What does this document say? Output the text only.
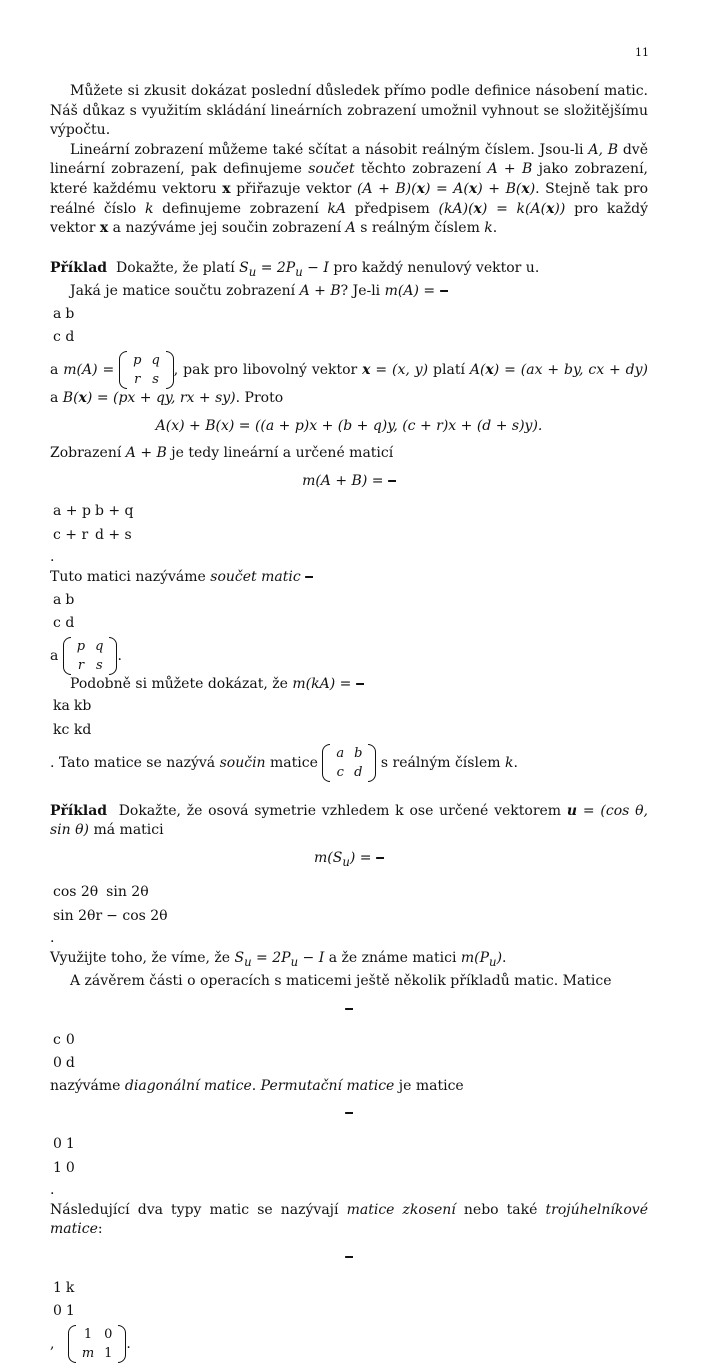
11

Můžete si zkusit dokázat poslední důsledek přímo podle definice násobení matic. Náš důkaz s využitím skládání lineárních zobrazení umožnil vyhnout se složitějšímu výpočtu.

Lineární zobrazení můžeme také sčítat a násobit reálným číslem. Jsou-li A, B dvě lineární zobrazení, pak definujeme součet těchto zobrazení A + B jako zobrazení, které každému vektoru x přiřazuje vektor (A + B)(x) = A(x) + B(x). Stejně tak pro reálné číslo k definujeme zobrazení kA předpisem (kA)(x) = k(A(x)) pro každý vektor x a nazýváme jej součin zobrazení A s reálným číslem k.

Příklad Dokažte, že platí $S_u = 2P_u - I$ pro každý nenulový vektor u.

Jaká je matice součtu zobrazení A + B? Je-li m(A) =

a	b
c	d
a m(A) =
p	q
r	s
, pak pro libovolný vektor x = (x, y) platí A(x) = (ax + by, cx + dy) a B(x) = (px + qy, rx + sy). Proto

A(x) + B(x) = ((a + p)x + (b + q)y, (c + r)x + (d + s)y).

Zobrazení A + B je tedy lineární a určené maticí

m(A + B) =

a + p	b + q
c + r	d + s
.

Tuto matici nazýváme součet matic

a	b
c	d
a
p	q
r	s
.

Podobně si můžete dokázat, že m(kA) =

ka	kb
kc	kd
. Tato matice se nazývá součin matice
a	b
c	d
s reálným číslem k.

Příklad Dokažte, že osová symetrie vzhledem k ose určené vektorem u = (cos θ, sin θ) má matici

$m(S_u)$ =

cos 2θ	sin 2θ
sin 2θr	− cos 2θ
.

Využijte toho, že víme, že $S_u = 2P_u - I$ a že známe matici $m(P_u)$.

A závěrem části o operacích s maticemi ještě několik příkladů matic. Matice

c	0
0	d

nazýváme diagonální matice. Permutační matice je matice

0	1
1	0
.

Následující dva typy matic se nazývají matice zkosení nebo také trojúhelníkové matice:

1	k
0	1
,
1	0
m	1
.
